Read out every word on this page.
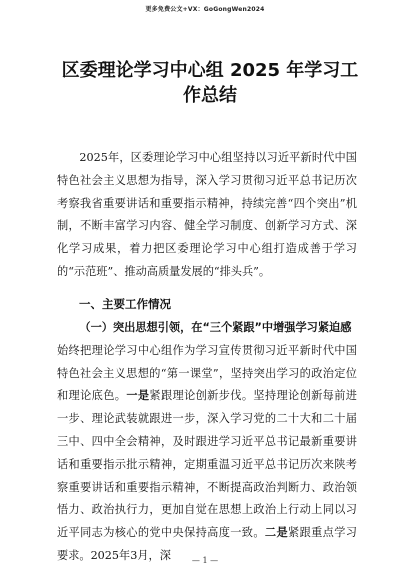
更多免费公文+VX：GoGongWen2024
区委理论学习中心组 2025 年学习工作总结

2025年，区委理论学习中心组坚持以习近平新时代中国特色社会主义思想为指导，深入学习贯彻习近平总书记历次考察我省重要讲话和重要指示精神，持续完善“四个突出”机制，不断丰富学习内容、健全学习制度、创新学习方式、深化学习成果，着力把区委理论学习中心组打造成善于学习的“示范班”、推动高质量发展的“排头兵”。

一、主要工作情况

（一）突出思想引领，在“三个紧跟”中增强学习紧迫感
始终把理论学习中心组作为学习宣传贯彻习近平新时代中国特色社会主义思想的“第一课堂”，坚持突出学习的政治定位和理论底色。一是紧跟理论创新步伐。坚持理论创新每前进一步、理论武装就跟进一步，深入学习党的二十大和二十届三中、四中全会精神，及时跟进学习近平总书记最新重要讲话和重要指示批示精神，定期重温习近平总书记历次来陕考察重要讲话和重要指示精神，不断提高政治判断力、政治领悟力、政治执行力，更加自觉在思想上政治上行动上同以习近平同志为核心的党中央保持高度一致。二是紧跟重点学习要求。2025年3月，深	— 1 —
